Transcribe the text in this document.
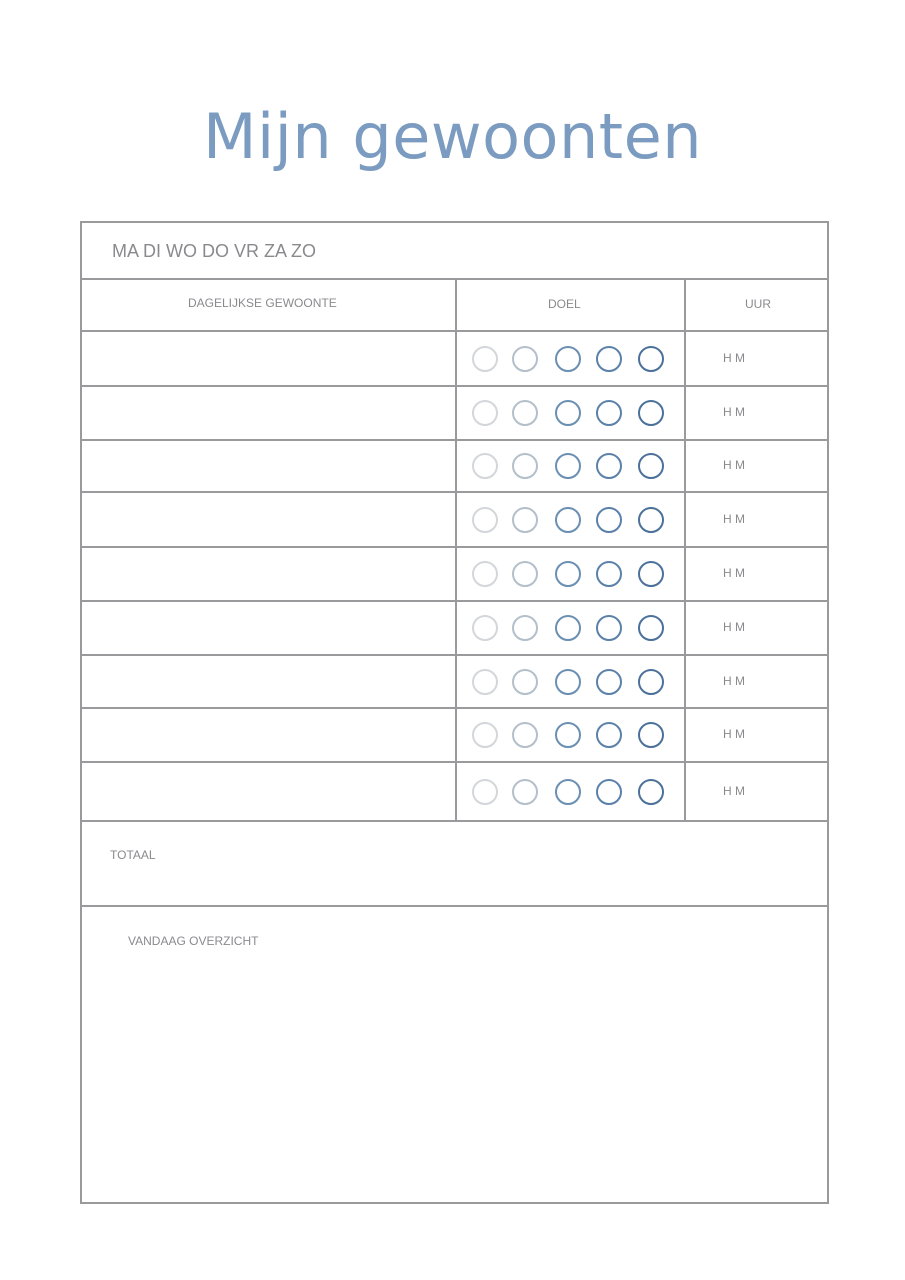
Mijn gewoonten
MA DI WO DO VR ZA ZO
DAGELIJKSE GEWOONTE	DOEL	UUR
TOTAAL
VANDAAG OVERZICHT
H M
H M
H M
H M
H M
H M
H M
H M
H M
